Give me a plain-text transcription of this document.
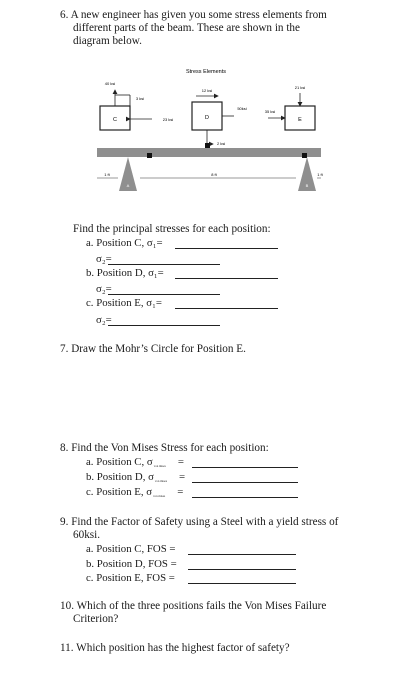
6. A new engineer has given you some stress elements from
different parts of the beam. These are shown in the
diagram below.
Stress Elements
C
40 ksi
3 ksi
23 ksi	D
12 ksi
50ksi
2 ksi
E
21 ksi
35 ksi
A	B
1 ft	8 ft	1 ft
Find the principal stresses for each position:
a. Position C, σ₁=
σ₂=
b. Position D, σ₁=
σ₂=
c. Position E, σ₁=
σ₂=
7. Draw the Mohr’s Circle for Position E.
8. Find the Von Mises Stress for each position:
a. Position C, σvon mises =
b. Position D, σvon mises =
c. Position E, σvon mises =
9. Find the Factor of Safety using a Steel with a yield stress of
60ksi.
a. Position C, FOS =
b. Position D, FOS =
c. Position E, FOS =
10. Which of the three positions fails the Von Mises Failure
Criterion?
11. Which position has the highest factor of safety?
